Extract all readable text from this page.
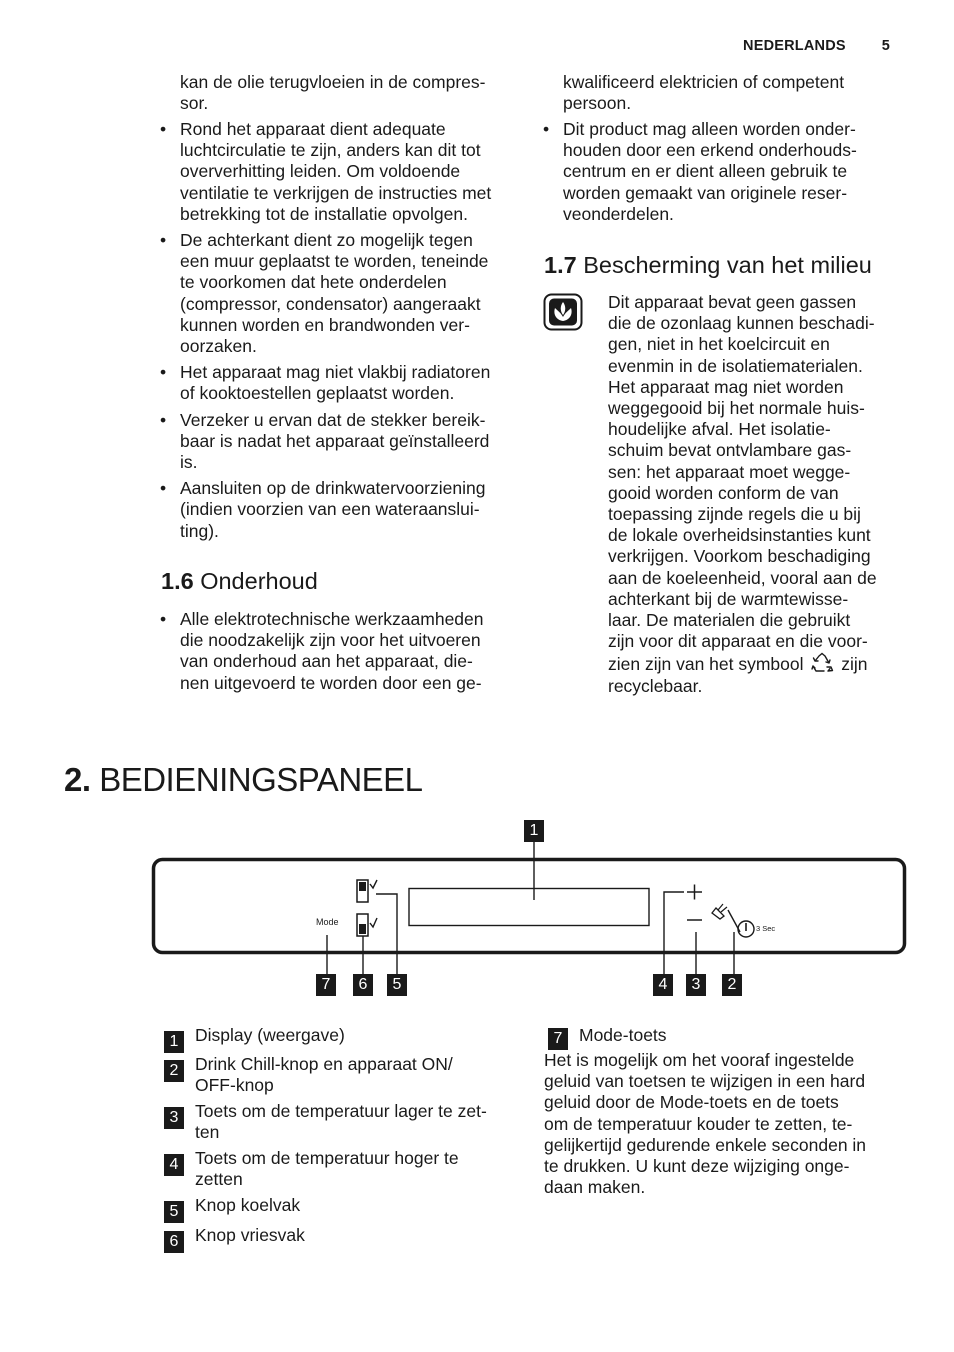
NEDERLANDS 5
kan de olie terugvloeien in de compres-
sor.
• Rond het apparaat dient adequate
luchtcirculatie te zijn, anders kan dit tot
oververhitting leiden. Om voldoende
ventilatie te verkrijgen de instructies met
betrekking tot de installatie opvolgen.
• De achterkant dient zo mogelijk tegen
een muur geplaatst te worden, teneinde
te voorkomen dat hete onderdelen
(compressor, condensator) aangeraakt
kunnen worden en brandwonden ver-
oorzaken.
• Het apparaat mag niet vlakbij radiatoren
of kooktoestellen geplaatst worden.
• Verzeker u ervan dat de stekker bereik-
baar is nadat het apparaat geïnstalleerd
is.
• Aansluiten op de drinkwatervoorziening
(indien voorzien van een wateraanslui-
ting).
1.6 Onderhoud
• Alle elektrotechnische werkzaamheden
die noodzakelijk zijn voor het uitvoeren
van onderhoud aan het apparaat, die-
nen uitgevoerd te worden door een ge-
kwalificeerd elektricien of competent
persoon.
• Dit product mag alleen worden onder-
houden door een erkend onderhouds-
centrum en er dient alleen gebruik te
worden gemaakt van originele reser-
veonderdelen.
1.7 Bescherming van het milieu
Dit apparaat bevat geen gassen
die de ozonlaag kunnen beschadi-
gen, niet in het koelcircuit en
evenmin in de isolatiematerialen.
Het apparaat mag niet worden
weggegooid bij het normale huis-
houdelijke afval. Het isolatie-
schuim bevat ontvlambare gas-
sen: het apparaat moet wegge-
gooid worden conform de van
toepassing zijnde regels die u bij
de lokale overheidsinstanties kunt
verkrijgen. Voorkom beschadiging
aan de koeleenheid, vooral aan de
achterkant bij de warmtewisse-
laar. De materialen die gebruikt
zijn voor dit apparaat en die voor-
zien zijn van het symbool zijn
recyclebaar.
2. BEDIENINGSPANEEL
Mode
3 Sec
1
7	6	5	4	3	2
1 Display (weergave)
2 Drink Chill-knop en apparaat ON/
OFF-knop
3 Toets om de temperatuur lager te zet-
ten
4 Toets om de temperatuur hoger te
zetten
5 Knop koelvak
6 Knop vriesvak
7 Mode-toets
Het is mogelijk om het vooraf ingestelde
geluid van toetsen te wijzigen in een hard
geluid door de Mode-toets en de toets
om de temperatuur kouder te zetten, te-
gelijkertijd gedurende enkele seconden in
te drukken. U kunt deze wijziging onge-
daan maken.
